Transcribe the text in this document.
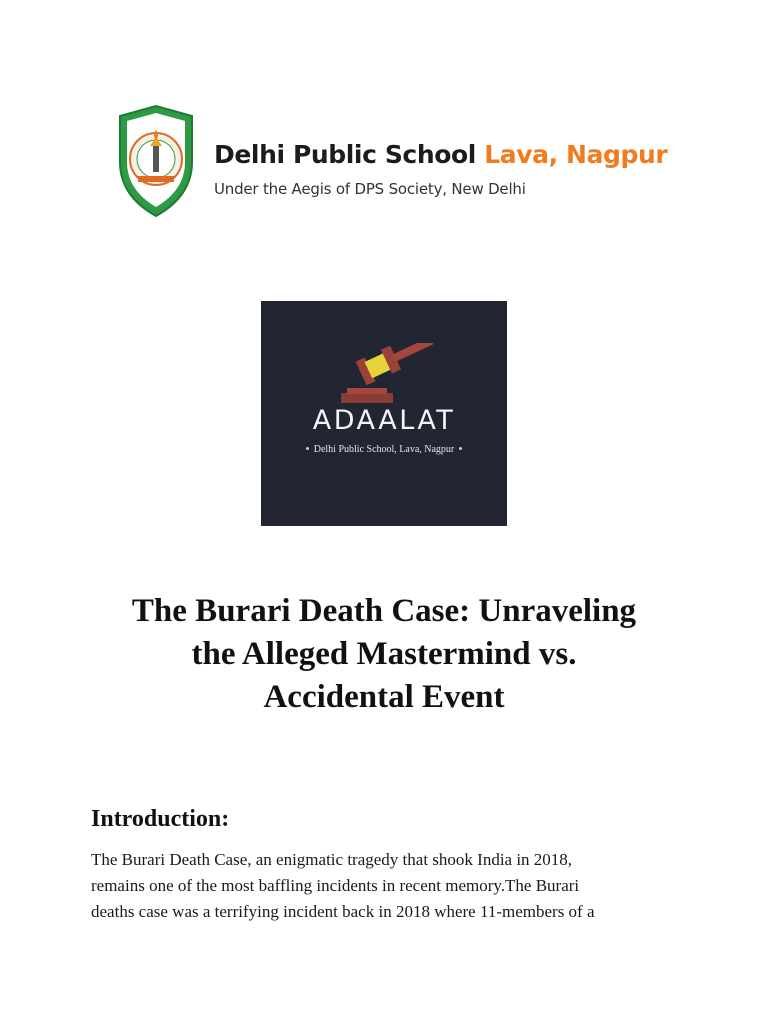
Delhi Public School Lava, Nagpur
Under the Aegis of DPS Society, New Delhi
ADAALAT
Delhi Public School, Lava, Nagpur
The Burari Death Case: Unraveling
the Alleged Mastermind vs.
Accidental Event
Introduction:
The Burari Death Case, an enigmatic tragedy that shook India in 2018,
remains one of the most baffling incidents in recent memory.The Burari
deaths case was a terrifying incident back in 2018 where 11-members of a
